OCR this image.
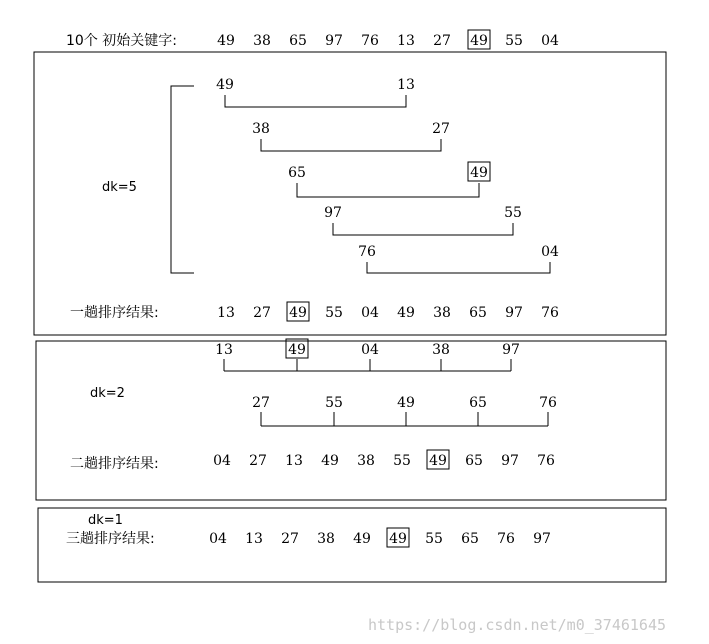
10个 初始关键字:	49 38 65 97 76 13 27 49 55 04
dk=5
49	13
38	27
65	49
97	55
76	04
一趟排序结果:	13 27 49 55 04 49 38 65 97 76
dk=2
13	49	04	38	97
27	55	49	65	76
二趟排序结果:	04 27 13 49 38 55 49 65 97 76
dk=1
三趟排序结果:	04 13 27 38 49 49 55 65 76 97
https://blog.csdn.net/m0_37461645
